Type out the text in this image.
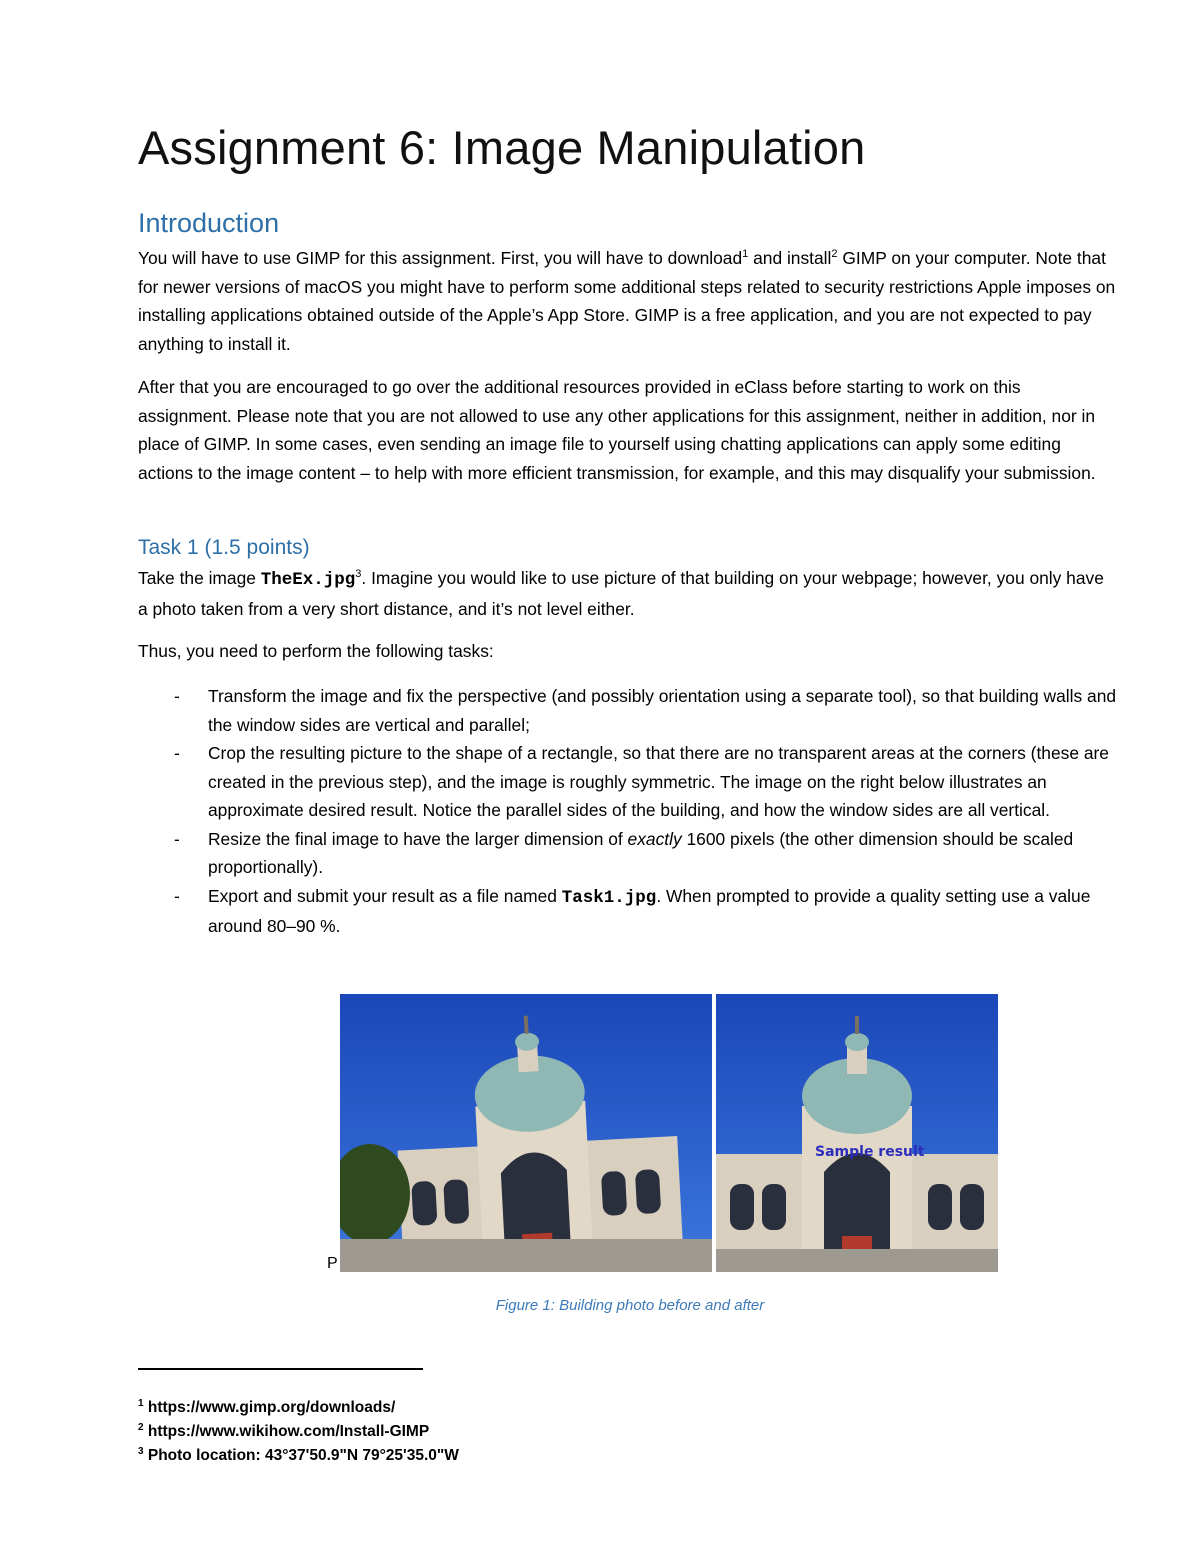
Assignment 6: Image Manipulation
Introduction

You will have to use GIMP for this assignment. First, you will have to download$^1$ and install$^2$ GIMP on your computer. Note that for newer versions of macOS you might have to perform some additional steps related to security restrictions Apple imposes on installing applications obtained outside of the Apple’s App Store. GIMP is a free application, and you are not expected to pay anything to install it.

After that you are encouraged to go over the additional resources provided in eClass before starting to work on this assignment. Please note that you are not allowed to use any other applications for this assignment, neither in addition, nor in place of GIMP. In some cases, even sending an image file to yourself using chatting applications can apply some editing actions to the image content – to help with more efficient transmission, for example, and this may disqualify your submission.

Task 1 (1.5 points)

Take the image TheEx.jpg$^3$. Imagine you would like to use picture of that building on your webpage; however, you only have a photo taken from a very short distance, and it’s not level either.

Thus, you need to perform the following tasks:

- Transform the image and fix the perspective (and possibly orientation using a separate tool), so that building walls and the window sides are vertical and parallel;
- Crop the resulting picture to the shape of a rectangle, so that there are no transparent areas at the corners (these are created in the previous step), and the image is roughly symmetric. The image on the right below illustrates an approximate desired result. Notice the parallel sides of the building, and how the window sides are all vertical.
- Resize the final image to have the larger dimension of exactly 1600 pixels (the other dimension should be scaled proportionally).
- Export and submit your result as a file named Task1.jpg. When prompted to provide a quality setting use a value around 80–90 %.
Sample result
P
Figure 1: Building photo before and after
$^1$ https://www.gimp.org/downloads/
$^2$ https://www.wikihow.com/Install-GIMP
$^3$ Photo location: 43°37'50.9"N 79°25'35.0"W
